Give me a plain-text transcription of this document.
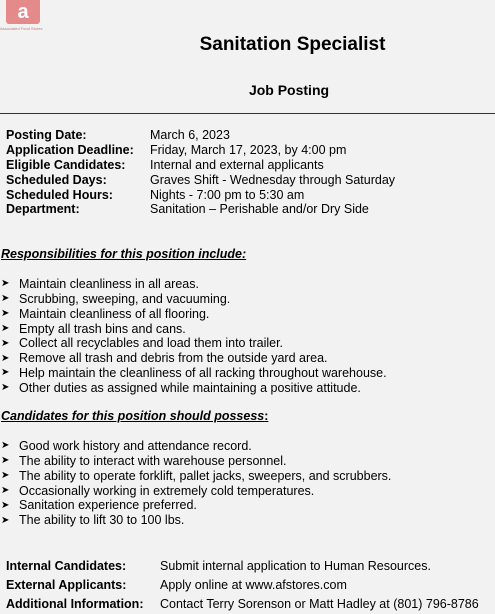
a
Associated Food Stores
Sanitation Specialist
Job Posting
Posting Date:	March 6, 2023
Application Deadline:	Friday, March 17, 2023, by 4:00 pm
Eligible Candidates:	Internal and external applicants
Scheduled Days:	Graves Shift - Wednesday through Saturday
Scheduled Hours:	Nights - 7:00 pm to 5:30 am
Department:	Sanitation – Perishable and/or Dry Side
Responsibilities for this position include:
➤ Maintain cleanliness in all areas.
➤ Scrubbing, sweeping, and vacuuming.
➤ Maintain cleanliness of all flooring.
➤ Empty all trash bins and cans.
➤ Collect all recyclables and load them into trailer.
➤ Remove all trash and debris from the outside yard area.
➤ Help maintain the cleanliness of all racking throughout warehouse.
➤ Other duties as assigned while maintaining a positive attitude.
Candidates for this position should possess:
➤ Good work history and attendance record.
➤ The ability to interact with warehouse personnel.
➤ The ability to operate forklift, pallet jacks, sweepers, and scrubbers.
➤ Occasionally working in extremely cold temperatures.
➤ Sanitation experience preferred.
➤ The ability to lift 30 to 100 lbs.
Internal Candidates:	Submit internal application to Human Resources.
External Applicants:	Apply online at www.afstores.com
Additional Information:	Contact Terry Sorenson or Matt Hadley at (801) 796-8786
